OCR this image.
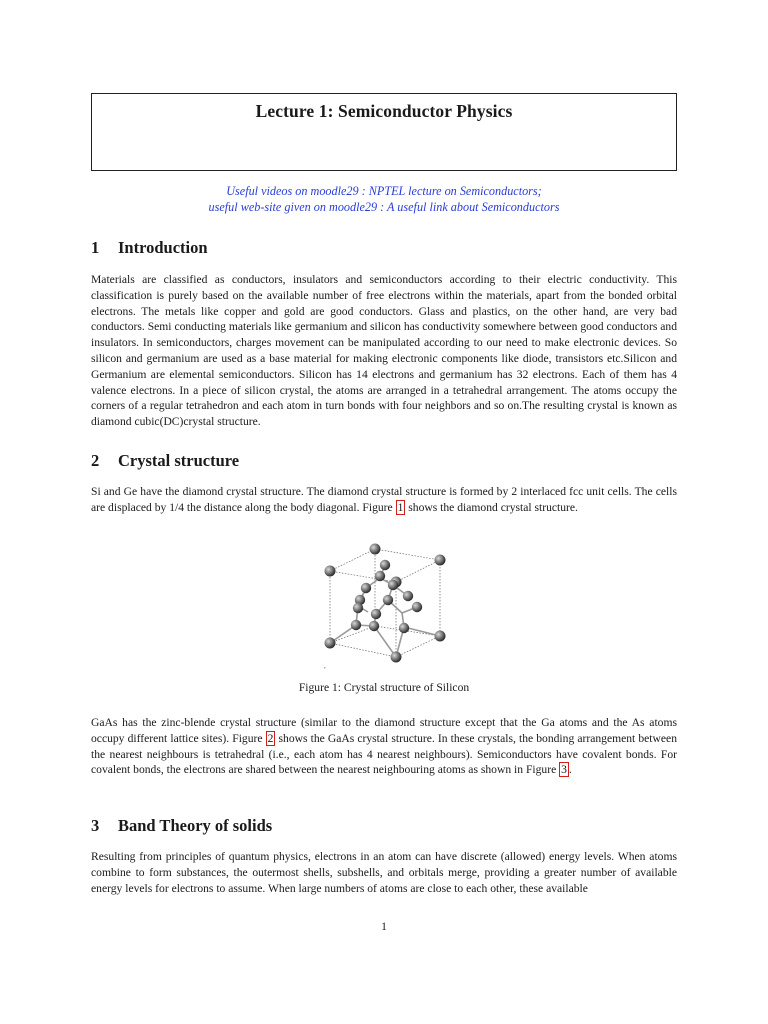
Lecture 1: Semiconductor Physics
Useful videos on moodle29 : NPTEL lecture on Semiconductors;
useful web-site given on moodle29 : A useful link about Semiconductors
1 Introduction

Materials are classified as conductors, insulators and semiconductors according to their electric conductivity. This classification is purely based on the available number of free electrons within the materials, apart from the bonded orbital electrons. The metals like copper and gold are good conductors. Glass and plastics, on the other hand, are very bad conductors. Semi conducting materials like germanium and silicon has conductivity somewhere between good conductors and insulators. In semiconductors, charges movement can be manipulated according to our need to make electronic devices. So silicon and germanium are used as a base material for making electronic components like diode, transistors etc.Silicon and Germanium are elemental semiconductors. Silicon has 14 electrons and germanium has 32 electrons. Each of them has 4 valence electrons. In a piece of silicon crystal, the atoms are arranged in a tetrahedral arrangement. The atoms occupy the corners of a regular tetrahedron and each atom in turn bonds with four neighbors and so on.The resulting crystal is known as diamond cubic(DC)crystal structure.

2 Crystal structure

Si and Ge have the diamond crystal structure. The diamond crystal structure is formed by 2 interlaced fcc unit cells. The cells are displaced by 1/4 the distance along the body diagonal. Figure 1 shows the diamond crystal structure.

,
Figure 1: Crystal structure of Silicon

GaAs has the zinc-blende crystal structure (similar to the diamond structure except that the Ga atoms and the As atoms occupy different lattice sites). Figure 2 shows the GaAs crystal structure. In these crystals, the bonding arrangement between the nearest neighbours is tetrahedral (i.e., each atom has 4 nearest neighbours). Semiconductors have covalent bonds. For covalent bonds, the electrons are shared between the nearest neighbouring atoms as shown in Figure 3 .

3 Band Theory of solids

Resulting from principles of quantum physics, electrons in an atom can have discrete (allowed) energy levels. When atoms combine to form substances, the outermost shells, subshells, and orbitals merge, providing a greater number of available energy levels for electrons to assume. When large numbers of atoms are close to each other, these available

1
